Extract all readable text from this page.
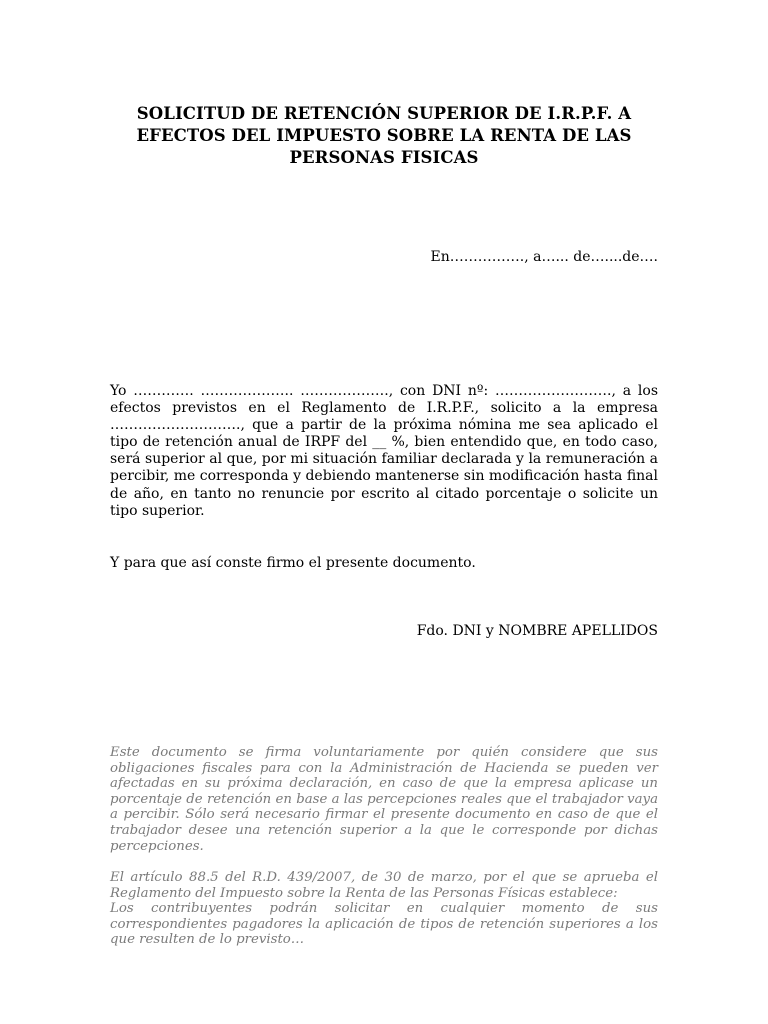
SOLICITUD DE RETENCIÓN SUPERIOR DE I.R.P.F. A EFECTOS DEL IMPUESTO SOBRE LA RENTA DE LAS PERSONAS FISICAS
En……………., a…... de…....de….
Yo …………. ……………….. ………………., con DNI nº: ……………………., a los efectos previstos en el Reglamento de I.R.P.F., solicito a la empresa ………………………., que a partir de la próxima nómina me sea aplicado el tipo de retención anual de IRPF del __ %, bien entendido que, en todo caso, será superior al que, por mi situación familiar declarada y la remuneración a percibir, me corresponda y debiendo mantenerse sin modificación hasta final de año, en tanto no renuncie por escrito al citado porcentaje o solicite un tipo superior.
Y para que así conste firmo el presente documento.
Fdo. DNI y NOMBRE APELLIDOS
Este documento se firma voluntariamente por quién considere que sus obligaciones fiscales para con la Administración de Hacienda se pueden ver afectadas en su próxima declaración, en caso de que la empresa aplicase un porcentaje de retención en base a las percepciones reales que el trabajador vaya a percibir. Sólo será necesario firmar el presente documento en caso de que el trabajador desee una retención superior a la que le corresponde por dichas percepciones.
El artículo 88.5 del R.D. 439/2007, de 30 de marzo, por el que se aprueba el Reglamento del Impuesto sobre la Renta de las Personas Físicas establece:
Los contribuyentes podrán solicitar en cualquier momento de sus correspondientes pagadores la aplicación de tipos de retención superiores a los que resulten de lo previsto…
